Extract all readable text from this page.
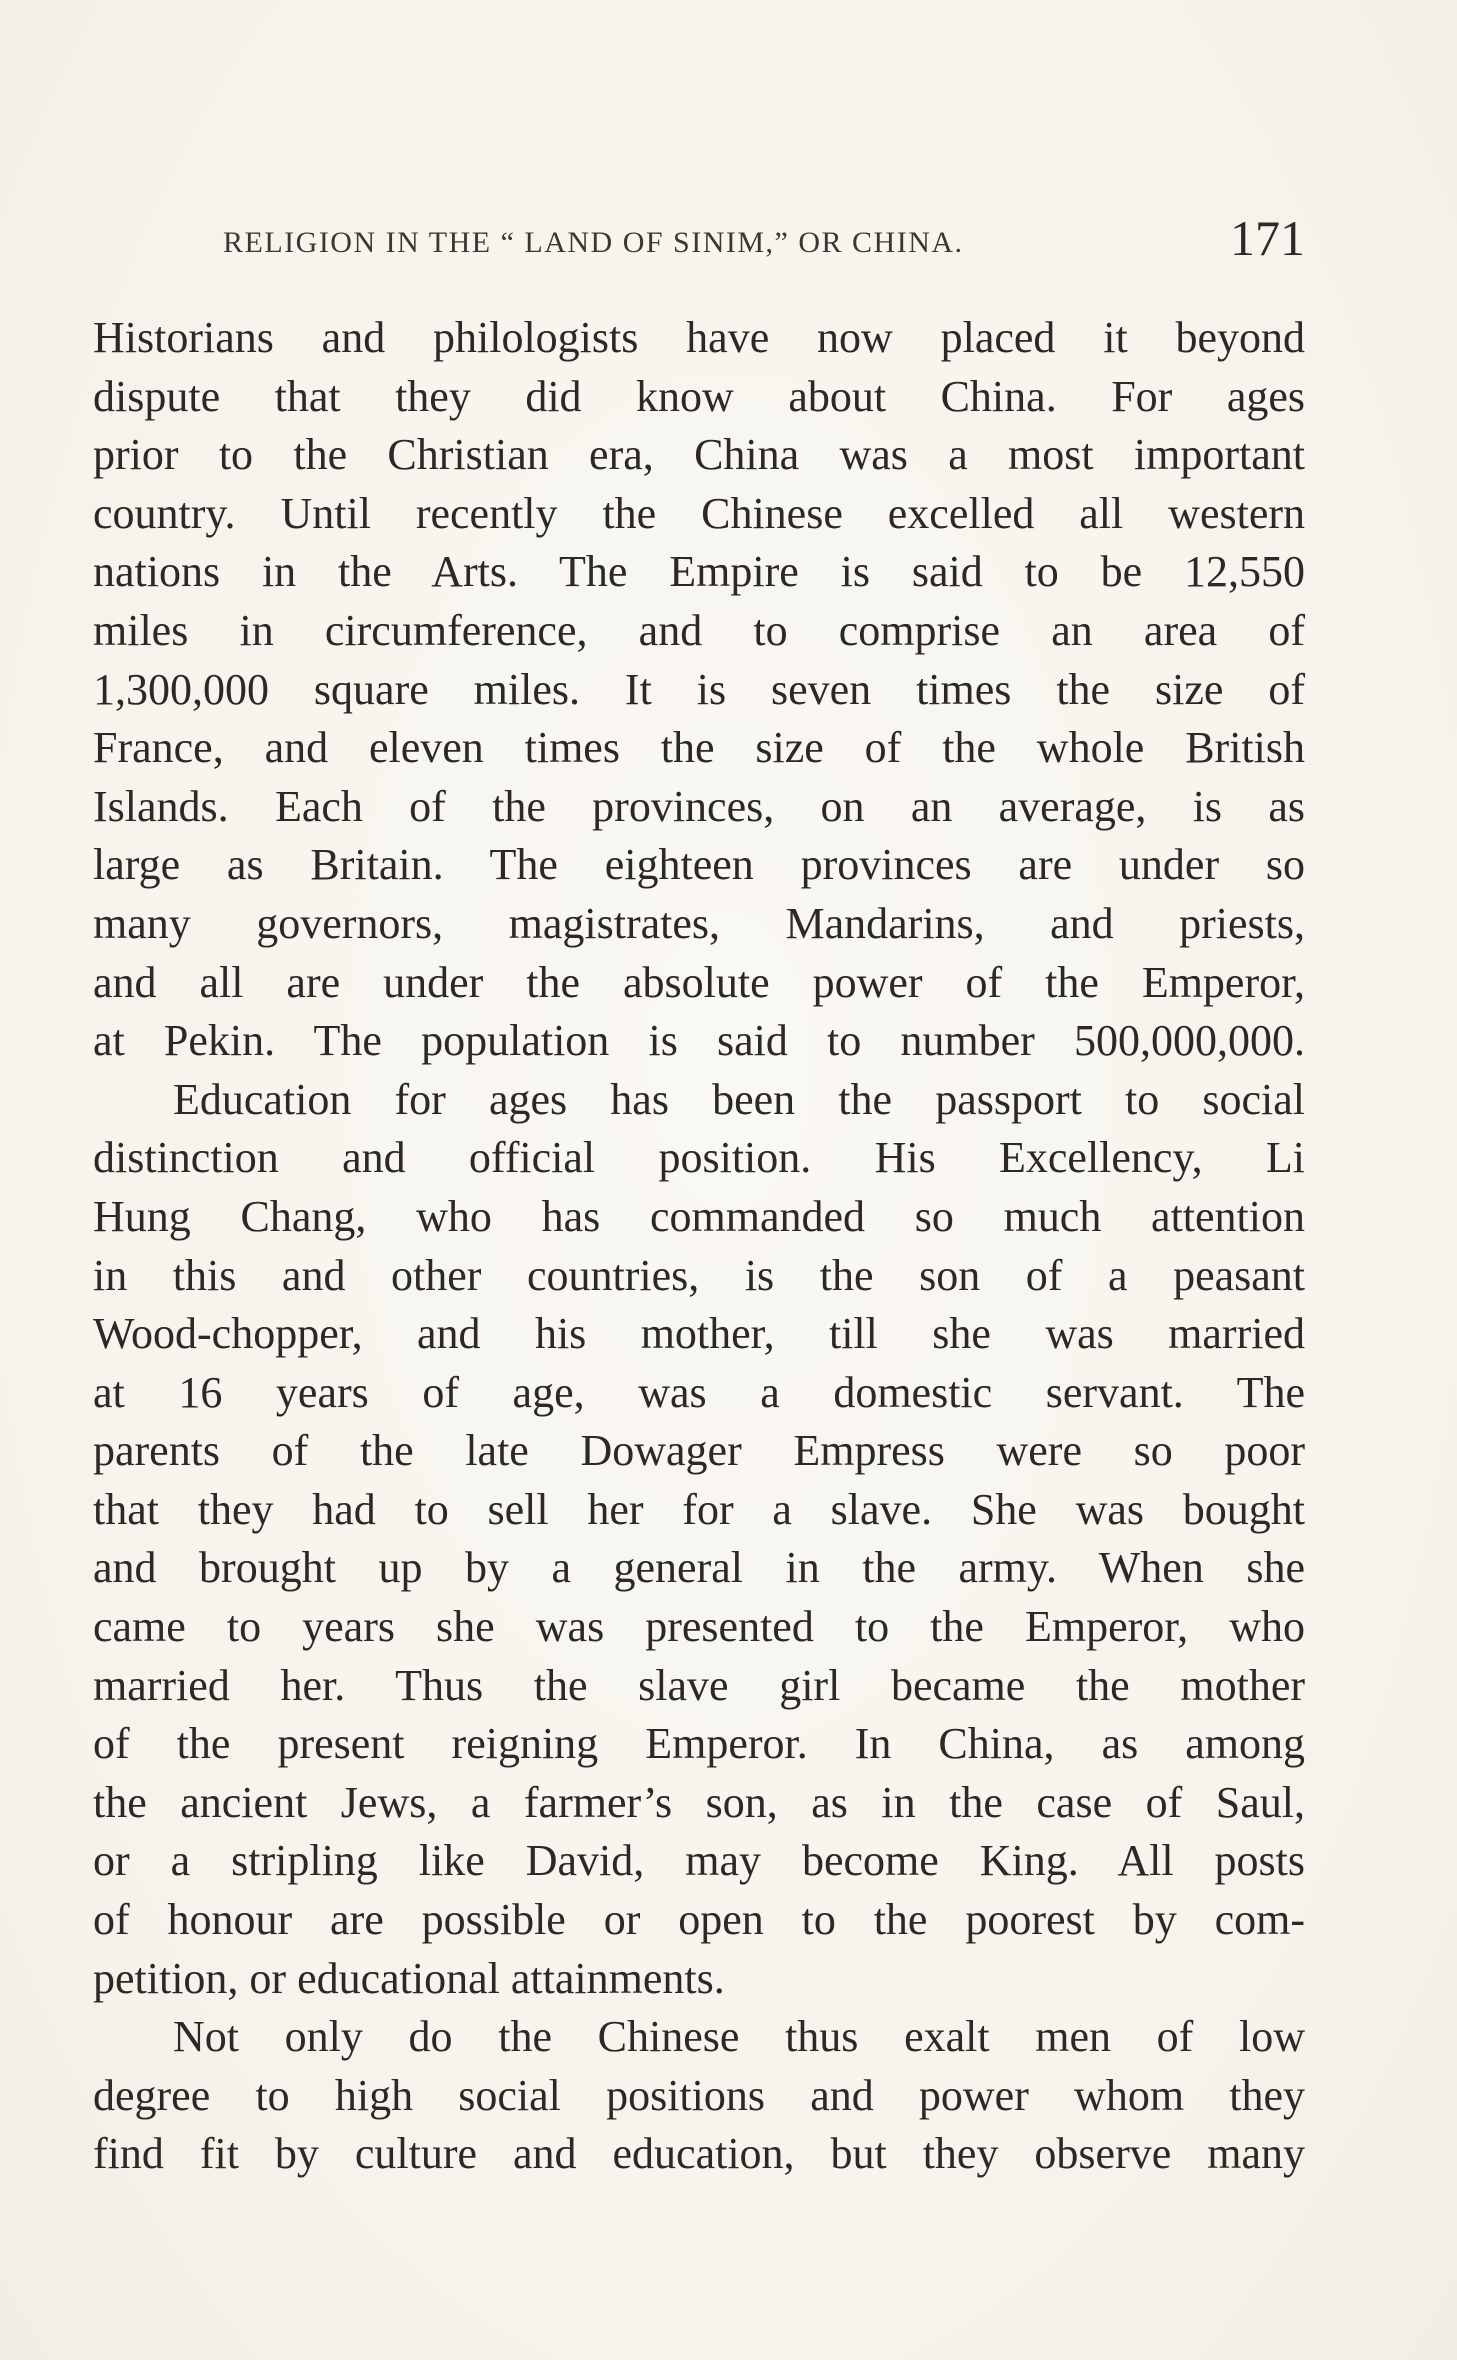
RELIGION IN THE “ LAND OF SINIM,” OR CHINA.	171
Historians and philologists have now placed it beyond
dispute that they did know about China. For ages
prior to the Christian era, China was a most important
country. Until recently the Chinese excelled all western
nations in the Arts. The Empire is said to be 12,550
miles in circumference, and to comprise an area of
1,300,000 square miles. It is seven times the size of
France, and eleven times the size of the whole British
Islands. Each of the provinces, on an average, is as
large as Britain. The eighteen provinces are under so
many governors, magistrates, Mandarins, and priests,
and all are under the absolute power of the Emperor,
at Pekin. The population is said to number 500,000,000.
Education for ages has been the passport to social
distinction and official position. His Excellency, Li
Hung Chang, who has commanded so much attention
in this and other countries, is the son of a peasant
Wood-chopper, and his mother, till she was married
at 16 years of age, was a domestic servant. The
parents of the late Dowager Empress were so poor
that they had to sell her for a slave. She was bought
and brought up by a general in the army. When she
came to years she was presented to the Emperor, who
married her. Thus the slave girl became the mother
of the present reigning Emperor. In China, as among
the ancient Jews, a farmer’s son, as in the case of Saul,
or a stripling like David, may become King. All posts
of honour are possible or open to the poorest by com-
petition, or educational attainments.
Not only do the Chinese thus exalt men of low
degree to high social positions and power whom they
find fit by culture and education, but they observe many
